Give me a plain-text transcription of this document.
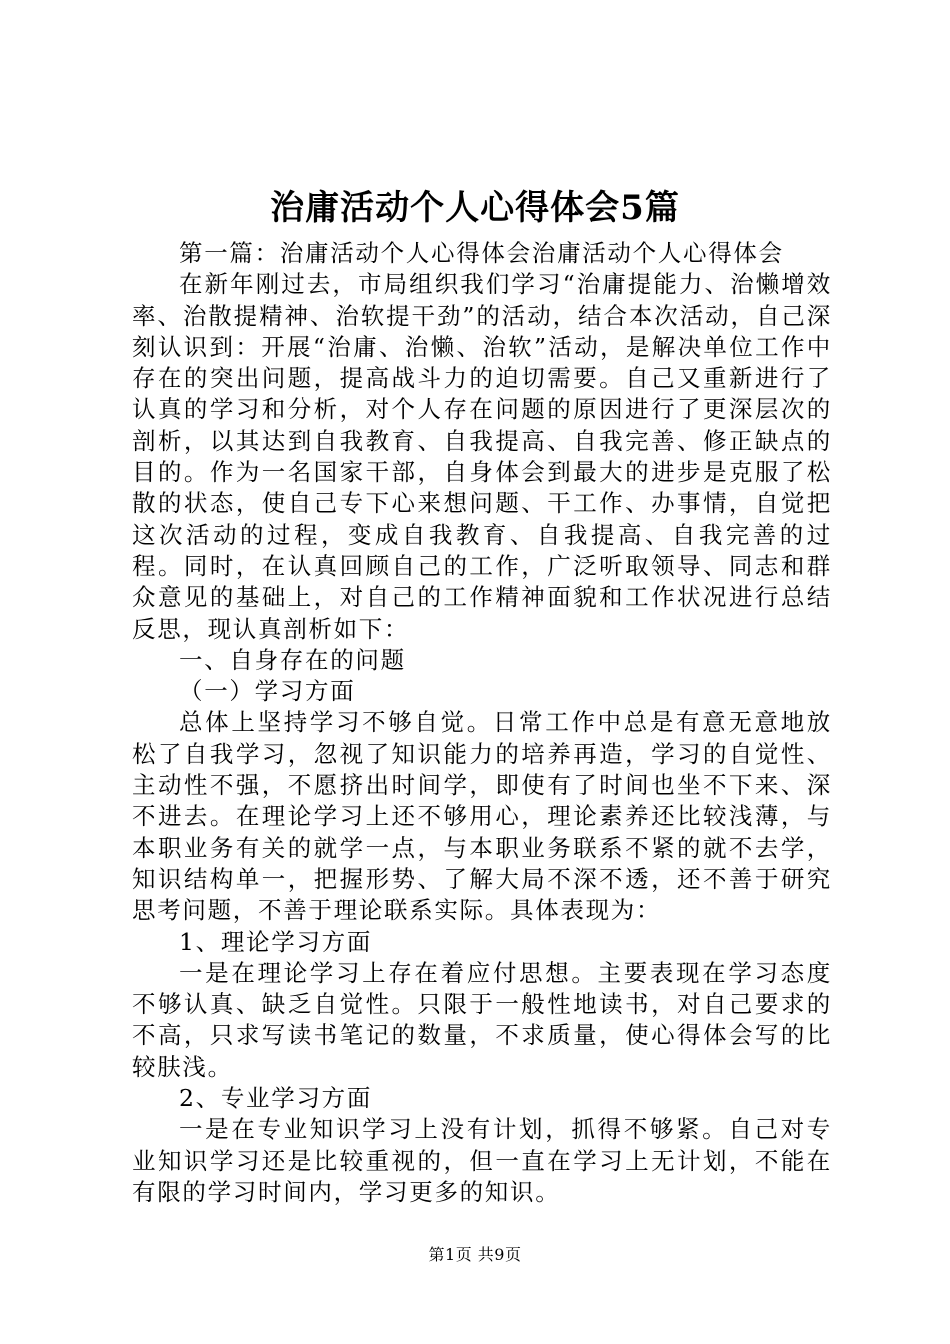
治庸活动个人心得体会5篇

第一篇：治庸活动个人心得体会治庸活动个人心得体会

在新年刚过去，市局组织我们学习“治庸提能力、治懒增效率、治散提精神、治软提干劲”的活动，结合本次活动，自己深刻认识到：开展“治庸、治懒、治软”活动，是解决单位工作中存在的突出问题，提高战斗力的迫切需要。自己又重新进行了认真的学习和分析，对个人存在问题的原因进行了更深层次的剖析，以其达到自我教育、自我提高、自我完善、修正缺点的目的。作为一名国家干部，自身体会到最大的进步是克服了松散的状态，使自己专下心来想问题、干工作、办事情，自觉把这次活动的过程，变成自我教育、自我提高、自我完善的过程。同时，在认真回顾自己的工作，广泛听取领导、同志和群众意见的基础上，对自己的工作精神面貌和工作状况进行总结反思，现认真剖析如下：

一、自身存在的问题

（一）学习方面

总体上坚持学习不够自觉。日常工作中总是有意无意地放松了自我学习，忽视了知识能力的培养再造，学习的自觉性、主动性不强，不愿挤出时间学，即使有了时间也坐不下来、深不进去。在理论学习上还不够用心，理论素养还比较浅薄，与本职业务有关的就学一点，与本职业务联系不紧的就不去学，知识结构单一，把握形势、了解大局不深不透，还不善于研究思考问题，不善于理论联系实际。具体表现为：

1、理论学习方面

一是在理论学习上存在着应付思想。主要表现在学习态度不够认真、缺乏自觉性。只限于一般性地读书，对自己要求的不高，只求写读书笔记的数量，不求质量，使心得体会写的比较肤浅。

2、专业学习方面

一是在专业知识学习上没有计划，抓得不够紧。自己对专业知识学习还是比较重视的，但一直在学习上无计划，不能在有限的学习时间内，学习更多的知识。

第1页 共9页
